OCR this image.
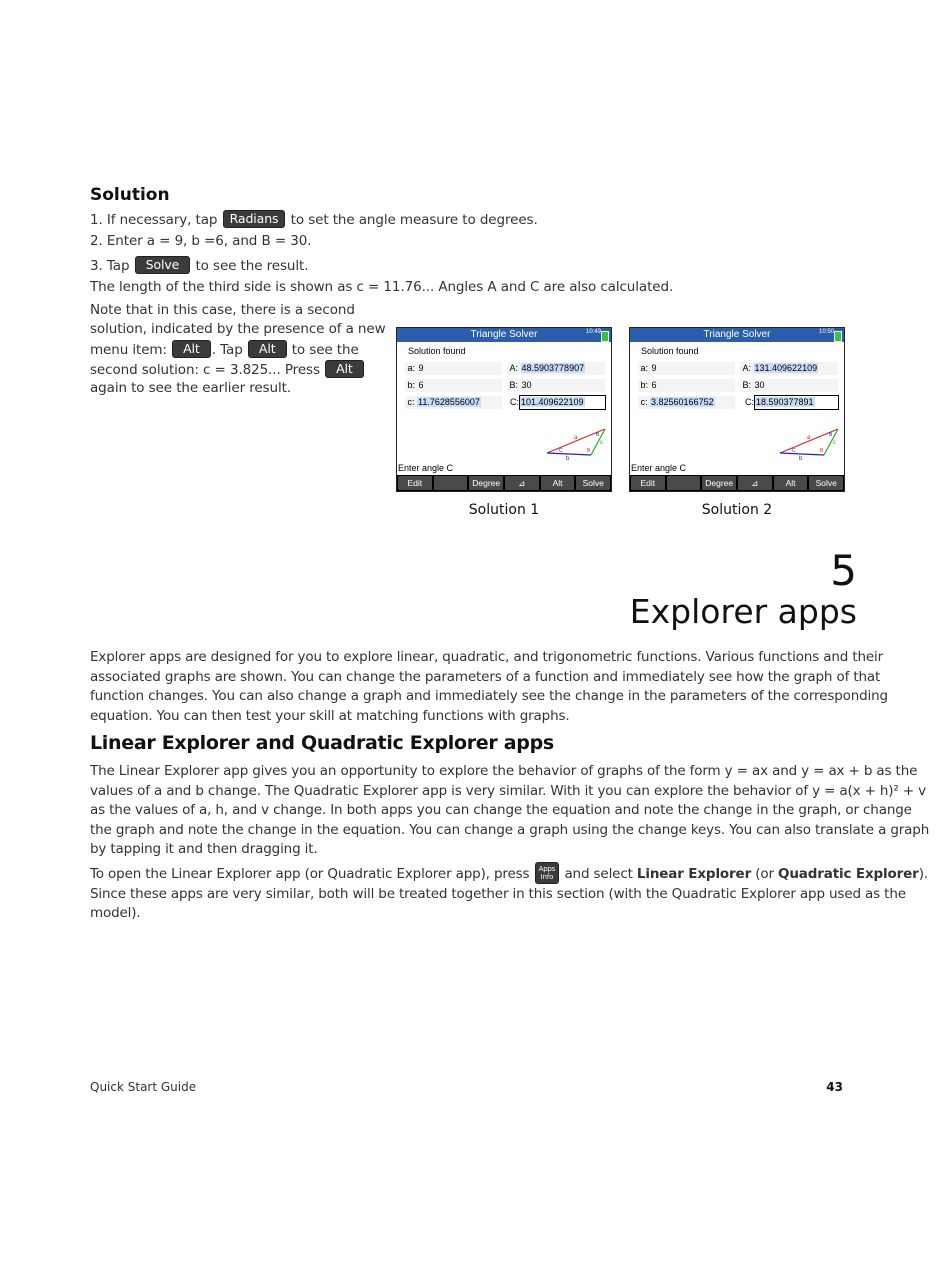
Solution
1. If necessary, tap Radians to set the angle measure to degrees.
2. Enter a = 9, b =6, and B = 30.
3. Tap Solve to see the result.
The length of the third side is shown as c = 11.76... Angles A and C are also calculated.
Note that in this case, there is a second
solution, indicated by the presence of a new
menu item: Alt . Tap Alt to see the
second solution: c = 3.825... Press Alt
again to see the earlier result.
Triangle Solver	10:49
Solution found
a: 9	A: 48.5903778907
b: 6	B: 30
c: 11.7628556007	C: 101.409622109
a
b
c
C	B
B
Enter angle C
Edit	Degree	⊿	Alt	Solve
Solution 1
Triangle Solver	10:50
Solution found
a: 9	A: 131.409622109
b: 6	B: 30
c: 3.82560166752	C: 18.590377891
a
b
c
C	B
B
Enter angle C
Edit	Degree	⊿	Alt	Solve
Solution 2
5
Explorer apps
Explorer apps are designed for you to explore linear, quadratic, and trigonometric functions. Various functions and their
associated graphs are shown. You can change the parameters of a function and immediately see how the graph of that
function changes. You can also change a graph and immediately see the change in the parameters of the corresponding
equation. You can then test your skill at matching functions with graphs.
Linear Explorer and Quadratic Explorer apps
The Linear Explorer app gives you an opportunity to explore the behavior of graphs of the form y = ax and y = ax + b as the
values of a and b change. The Quadratic Explorer app is very similar. With it you can explore the behavior of y = a(x + h)² + v
as the values of a, h, and v change. In both apps you can change the equation and note the change in the graph, or change
the graph and note the change in the equation. You can change a graph using the change keys. You can also translate a graph
by tapping it and then dragging it.
To open the Linear Explorer app (or Quadratic Explorer app), press Apps
Info and select Linear Explorer (or Quadratic Explorer).
Since these apps are very similar, both will be treated together in this section (with the Quadratic Explorer app used as the
model).
Quick Start Guide	43
